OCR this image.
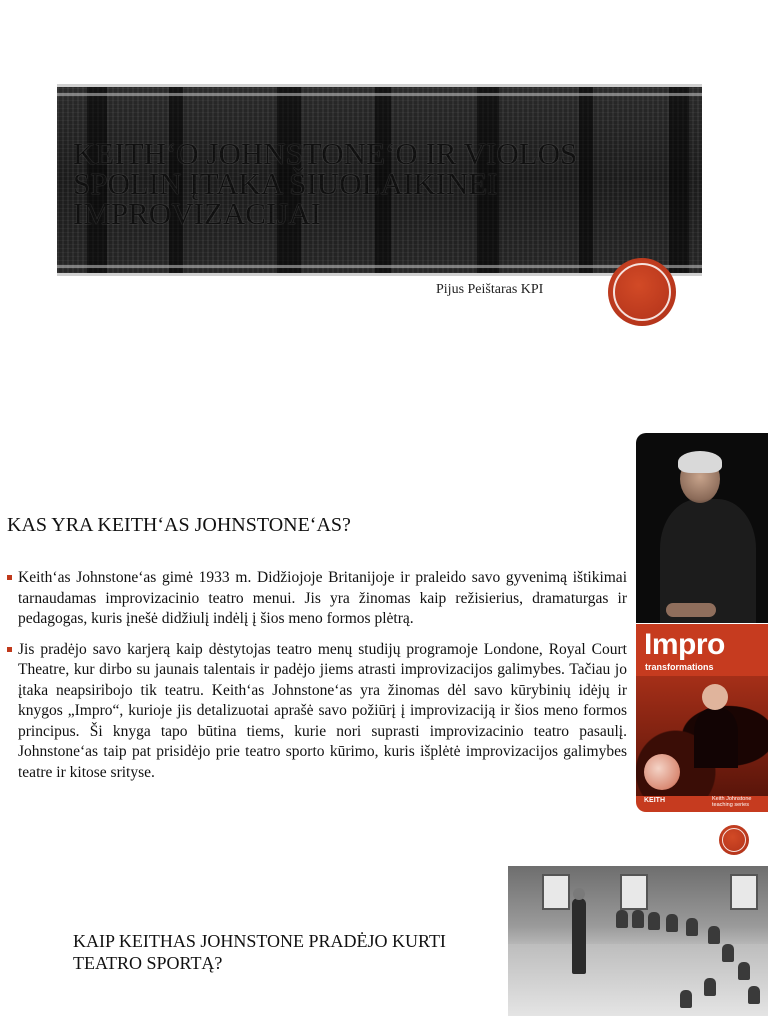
KEITH‘O JOHNSTONE‘O IR VIOLOS SPOLIN ĮTAKA ŠIUOLAIKINEI IMPROVIZACIJAI
Pijus Peištaras KPI
KAS YRA KEITH‘AS JOHNSTONE‘AS?
Keith‘as Johnstone‘as gimė 1933 m. Didžiojoje Britanijoje ir praleido savo gyvenimą ištikimai tarnaudamas improvizacinio teatro menui. Jis yra žinomas kaip režisierius, dramaturgas ir pedagogas, kuris įnešė didžiulį indėlį į šios meno formos plėtrą.
Jis pradėjo savo karjerą kaip dėstytojas teatro menų studijų programoje Londone, Royal Court Theatre, kur dirbo su jaunais talentais ir padėjo jiems atrasti improvizacijos galimybes. Tačiau jo įtaka neapsiribojo tik teatru. Keith‘as Johnstone‘as yra žinomas dėl savo kūrybinių idėjų ir knygos „Impro“, kurioje jis detalizuotai aprašė savo požiūrį į improvizaciją ir šios meno formos principus. Ši knyga tapo būtina tiems, kurie nori suprasti improvizacinio teatro pasaulį. Johnstone‘as taip pat prisidėjo prie teatro sporto kūrimo, kuris išplėtė improvizacijos galimybes teatre ir kitose srityse.
Impro
transformations
KEITH	Keith Johnstone teaching series
KAIP KEITHAS JOHNSTONE PRADĖJO KURTI TEATRO SPORTĄ?
